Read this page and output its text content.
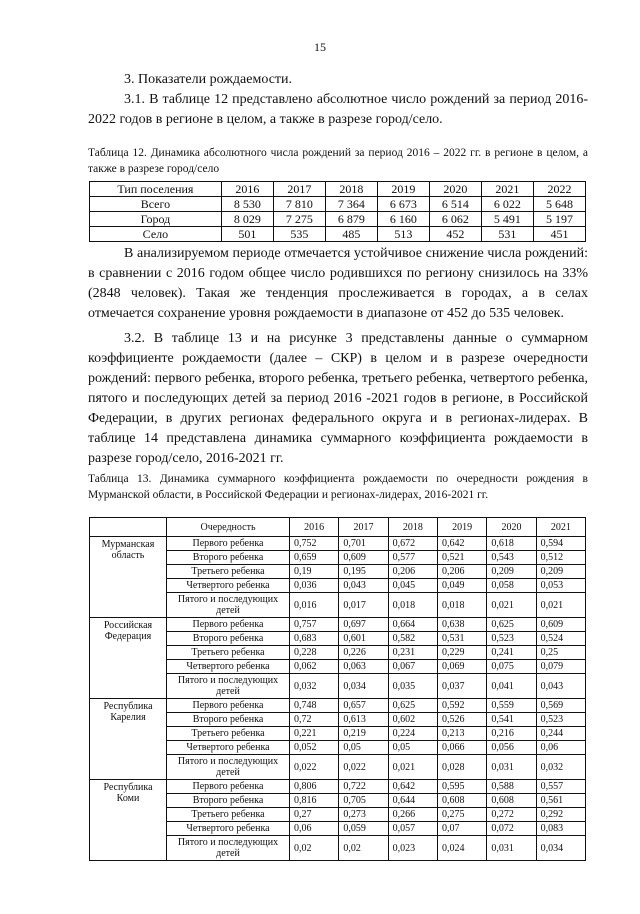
15

3. Показатели рождаемости.

3.1. В таблице 12 представлено абсолютное число рождений за период 2016-2022 годов в регионе в целом, а также в разрезе город/село.

Таблица 12. Динамика абсолютного числа рождений за период 2016 – 2022 гг. в регионе в целом, а также в разрезе город/село

Тип поселения	2016	2017	2018	2019	2020	2021	2022
Всего	8 530	7 810	7 364	6 673	6 514	6 022	5 648
Город	8 029	7 275	6 879	6 160	6 062	5 491	5 197
Село	501	535	485	513	452	531	451

В анализируемом периоде отмечается устойчивое снижение числа рождений: в сравнении с 2016 годом общее число родившихся по региону снизилось на 33% (2848 человек). Такая же тенденция прослеживается в городах, а в селах отмечается сохранение уровня рождаемости в диапазоне от 452 до 535 человек.

3.2. В таблице 13 и на рисунке 3 представлены данные о суммарном коэффициенте рождаемости (далее – СКР) в целом и в разрезе очередности рождений: первого ребенка, второго ребенка, третьего ребенка, четвертого ребенка, пятого и последующих детей за период 2016 -2021 годов в регионе, в Российской Федерации, в других регионах федерального округа и в регионах-лидерах. В таблице 14 представлена динамика суммарного коэффициента рождаемости в разрезе город/село, 2016-2021 гг.

Таблица 13. Динамика суммарного коэффициента рождаемости по очередности рождения в Мурманской области, в Российской Федерации и регионах-лидерах, 2016-2021 гг.

	Очередность	2016	2017	2018	2019	2020	2021
Мурманская область	Первого ребенка	0,752	0,701	0,672	0,642	0,618	0,594
	Второго ребенка	0,659	0,609	0,577	0,521	0,543	0,512
	Третьего ребенка	0,19	0,195	0,206	0,206	0,209	0,209
	Четвертого ребенка	0,036	0,043	0,045	0,049	0,058	0,053
	Пятого и последующих детей	0,016	0,017	0,018	0,018	0,021	0,021
Российская Федерация	Первого ребенка	0,757	0,697	0,664	0,638	0,625	0,609
	Второго ребенка	0,683	0,601	0,582	0,531	0,523	0,524
	Третьего ребенка	0,228	0,226	0,231	0,229	0,241	0,25
	Четвертого ребенка	0,062	0,063	0,067	0,069	0,075	0,079
	Пятого и последующих детей	0,032	0,034	0,035	0,037	0,041	0,043
Республика Карелия	Первого ребенка	0,748	0,657	0,625	0,592	0,559	0,569
	Второго ребенка	0,72	0,613	0,602	0,526	0,541	0,523
	Третьего ребенка	0,221	0,219	0,224	0,213	0,216	0,244
	Четвертого ребенка	0,052	0,05	0,05	0,066	0,056	0,06
	Пятого и последующих детей	0,022	0,022	0,021	0,028	0,031	0,032
Республика Коми	Первого ребенка	0,806	0,722	0,642	0,595	0,588	0,557
	Второго ребенка	0,816	0,705	0,644	0,608	0,608	0,561
	Третьего ребенка	0,27	0,273	0,266	0,275	0,272	0,292
	Четвертого ребенка	0,06	0,059	0,057	0,07	0,072	0,083
	Пятого и последующих детей	0,02	0,02	0,023	0,024	0,031	0,034
